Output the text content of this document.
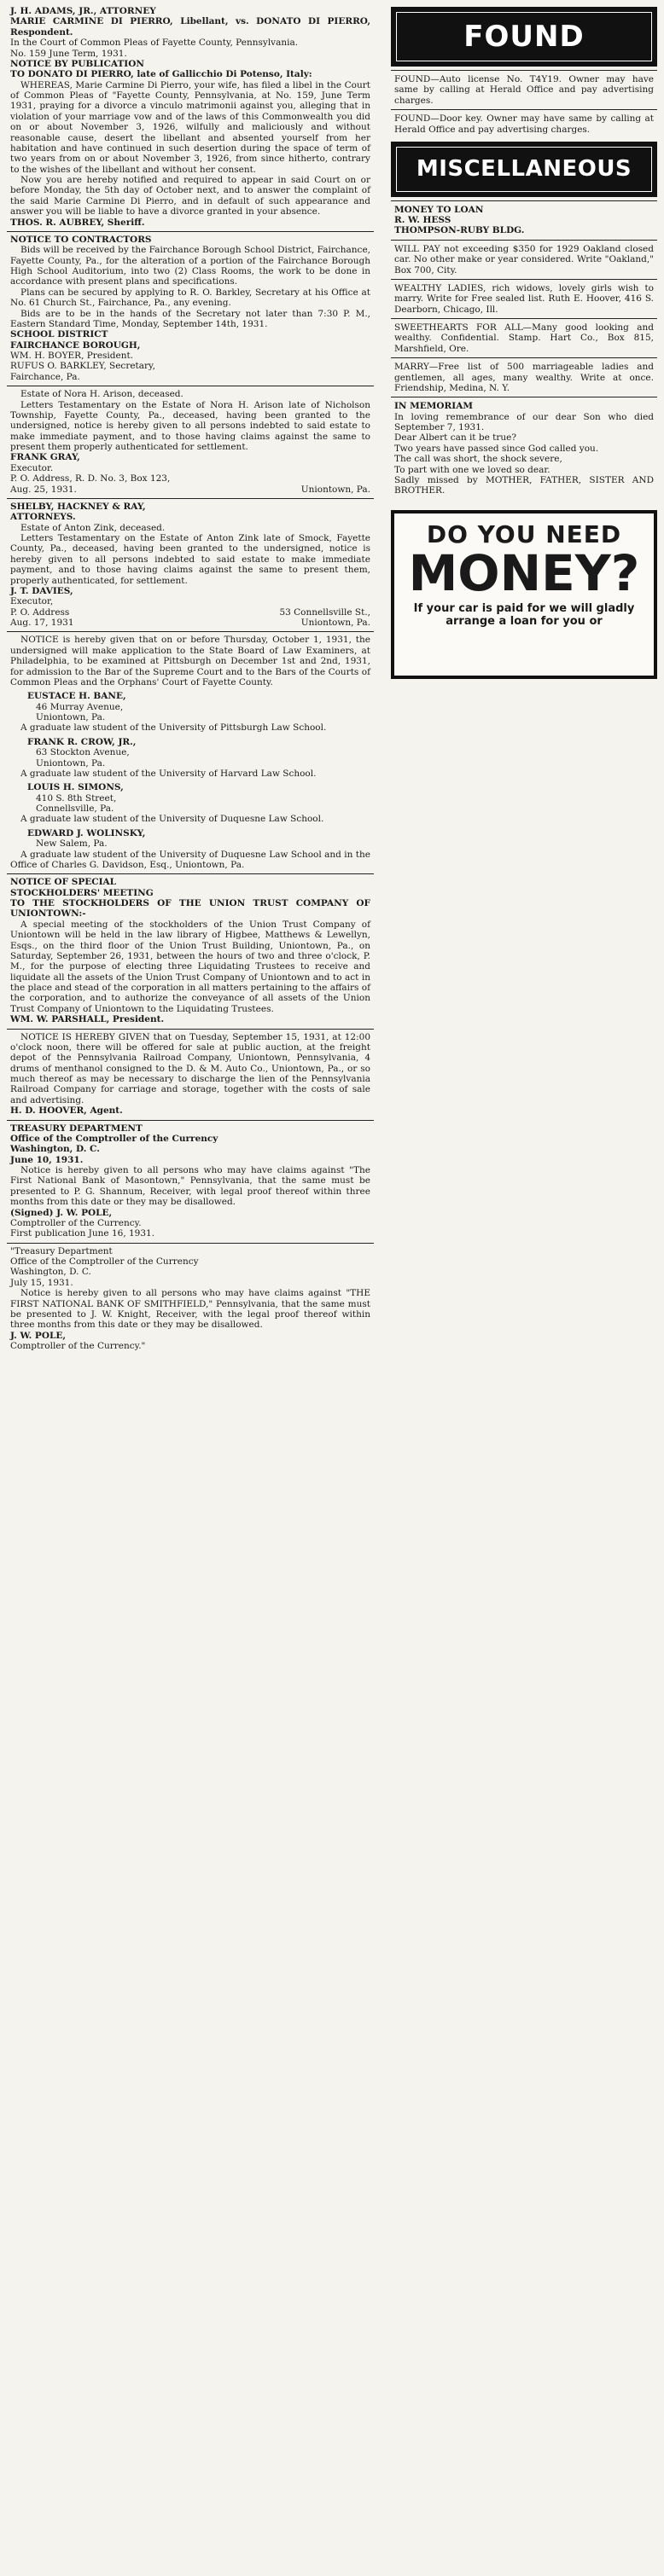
J. H. ADAMS, JR., ATTORNEY

MARIE CARMINE DI PIERRO, Libellant, vs. DONATO DI PIERRO, Respondent.

In the Court of Common Pleas of Fayette County, Pennsylvania.

No. 159 June Term, 1931.

NOTICE BY PUBLICATION

TO DONATO DI PIERRO, late of Gallicchio Di Potenso, Italy:

WHEREAS, Marie Carmine Di Pierro, your wife, has filed a libel in the Court of Common Pleas of "Fayette County, Pennsylvania, at No. 159, June Term 1931, praying for a divorce a vinculo matrimonii against you, alleging that in violation of your marriage vow and of the laws of this Commonwealth you did on or about November 3, 1926, wilfully and maliciously and without reasonable cause, desert the libellant and absented yourself from her habitation and have continued in such desertion during the space of term of two years from on or about November 3, 1926, from since hitherto, contrary to the wishes of the libellant and without her consent.

Now you are hereby notified and required to appear in said Court on or before Monday, the 5th day of October next, and to answer the complaint of the said Marie Carmine Di Pierro, and in default of such appearance and answer you will be liable to have a divorce granted in your absence.

THOS. R. AUBREY, Sheriff.

NOTICE TO CONTRACTORS

Bids will be received by the Fairchance Borough School District, Fairchance, Fayette County, Pa., for the alteration of a portion of the Fairchance Borough High School Auditorium, into two (2) Class Rooms, the work to be done in accordance with present plans and specifications.

Plans can be secured by applying to R. O. Barkley, Secretary at his Office at No. 61 Church St., Fairchance, Pa., any evening.

Bids are to be in the hands of the Secretary not later than 7:30 P. M., Eastern Standard Time, Monday, September 14th, 1931.

SCHOOL DISTRICT

FAIRCHANCE BOROUGH,

WM. H. BOYER, President.

RUFUS O. BARKLEY, Secretary,

Fairchance, Pa.

Estate of Nora H. Arison, deceased.

Letters Testamentary on the Estate of Nora H. Arison late of Nicholson Township, Fayette County, Pa., deceased, having been granted to the undersigned, notice is hereby given to all persons indebted to said estate to make immediate payment, and to those having claims against the same to present them properly authenticated for settlement.

FRANK GRAY,

Executor.

P. O. Address, R. D. No. 3, Box 123,

Aug. 25, 1931.	Uniontown, Pa.

SHELBY, HACKNEY & RAY,

ATTORNEYS.

Estate of Anton Zink, deceased.

Letters Testamentary on the Estate of Anton Zink late of Smock, Fayette County, Pa., deceased, having been granted to the undersigned, notice is hereby given to all persons indebted to said estate to make immediate payment, and to those having claims against the same to present them, properly authenticated, for settlement.

J. T. DAVIES,

Executor,

P. O. Address	53 Connellsville St.,
Aug. 17, 1931	Uniontown, Pa.

NOTICE is hereby given that on or before Thursday, October 1, 1931, the undersigned will make application to the State Board of Law Examiners, at Philadelphia, to be examined at Pittsburgh on December 1st and 2nd, 1931, for admission to the Bar of the Supreme Court and to the Bars of the Courts of Common Pleas and the Orphans' Court of Fayette County.

EUSTACE H. BANE,

46 Murray Avenue,

Uniontown, Pa.

A graduate law student of the University of Pittsburgh Law School.

FRANK R. CROW, JR.,

63 Stockton Avenue,

Uniontown, Pa.

A graduate law student of the University of Harvard Law School.

LOUIS H. SIMONS,

410 S. 8th Street,

Connellsville, Pa.

A graduate law student of the University of Duquesne Law School.

EDWARD J. WOLINSKY,

New Salem, Pa.

A graduate law student of the University of Duquesne Law School and in the Office of Charles G. Davidson, Esq., Uniontown, Pa.

NOTICE OF SPECIAL

STOCKHOLDERS' MEETING

TO THE STOCKHOLDERS OF THE UNION TRUST COMPANY OF UNIONTOWN:-

A special meeting of the stockholders of the Union Trust Company of Uniontown will be held in the law library of Higbee, Matthews & Lewellyn, Esqs., on the third floor of the Union Trust Building, Uniontown, Pa., on Saturday, September 26, 1931, between the hours of two and three o'clock, P. M., for the purpose of electing three Liquidating Trustees to receive and liquidate all the assets of the Union Trust Company of Uniontown and to act in the place and stead of the corporation in all matters pertaining to the affairs of the corporation, and to authorize the conveyance of all assets of the Union Trust Company of Uniontown to the Liquidating Trustees.

WM. W. PARSHALL, President.

NOTICE IS HEREBY GIVEN that on Tuesday, September 15, 1931, at 12:00 o'clock noon, there will be offered for sale at public auction, at the freight depot of the Pennsylvania Railroad Company, Uniontown, Pennsylvania, 4 drums of menthanol consigned to the D. & M. Auto Co., Uniontown, Pa., or so much thereof as may be necessary to discharge the lien of the Pennsylvania Railroad Company for carriage and storage, together with the costs of sale and advertising.

H. D. HOOVER, Agent.

TREASURY DEPARTMENT

Office of the Comptroller of the Currency

Washington, D. C.

June 10, 1931.

Notice is hereby given to all persons who may have claims against "The First National Bank of Masontown," Pennsylvania, that the same must be presented to P. G. Shannum, Receiver, with legal proof thereof within three months from this date or they may be disallowed.

(Signed) J. W. POLE,

Comptroller of the Currency.

First publication June 16, 1931.

"Treasury Department

Office of the Comptroller of the Currency

Washington, D. C.

July 15, 1931.

Notice is hereby given to all persons who may have claims against "THE FIRST NATIONAL BANK OF SMITHFIELD," Pennsylvania, that the same must be presented to J. W. Knight, Receiver, with the legal proof thereof within three months from this date or they may be disallowed.

J. W. POLE,

Comptroller of the Currency."

FOUND

FOUND—Auto license No. T4Y19. Owner may have same by calling at Herald Office and pay advertising charges.

FOUND—Door key. Owner may have same by calling at Herald Office and pay advertising charges.

MISCELLANEOUS

MONEY TO LOAN

R. W. HESS

THOMPSON-RUBY BLDG.

WILL PAY not exceeding $350 for 1929 Oakland closed car. No other make or year considered. Write "Oakland," Box 700, City.

WEALTHY LADIES, rich widows, lovely girls wish to marry. Write for Free sealed list. Ruth E. Hoover, 416 S. Dearborn, Chicago, Ill.

SWEETHEARTS FOR ALL—Many good looking and wealthy. Confidential. Stamp. Hart Co., Box 815, Marshfield, Ore.

MARRY—Free list of 500 marriageable ladies and gentlemen, all ages, many wealthy. Write at once. Friendship, Medina, N. Y.

IN MEMORIAM

In loving remembrance of our dear Son who died September 7, 1931.

Dear Albert can it be true?

Two years have passed since God called you.

The call was short, the shock severe,

To part with one we loved so dear.

Sadly missed by MOTHER, FATHER, SISTER AND BROTHER.

DO YOU NEED
MONEY?
If your car is paid for we will gladly arrange a loan for you or
